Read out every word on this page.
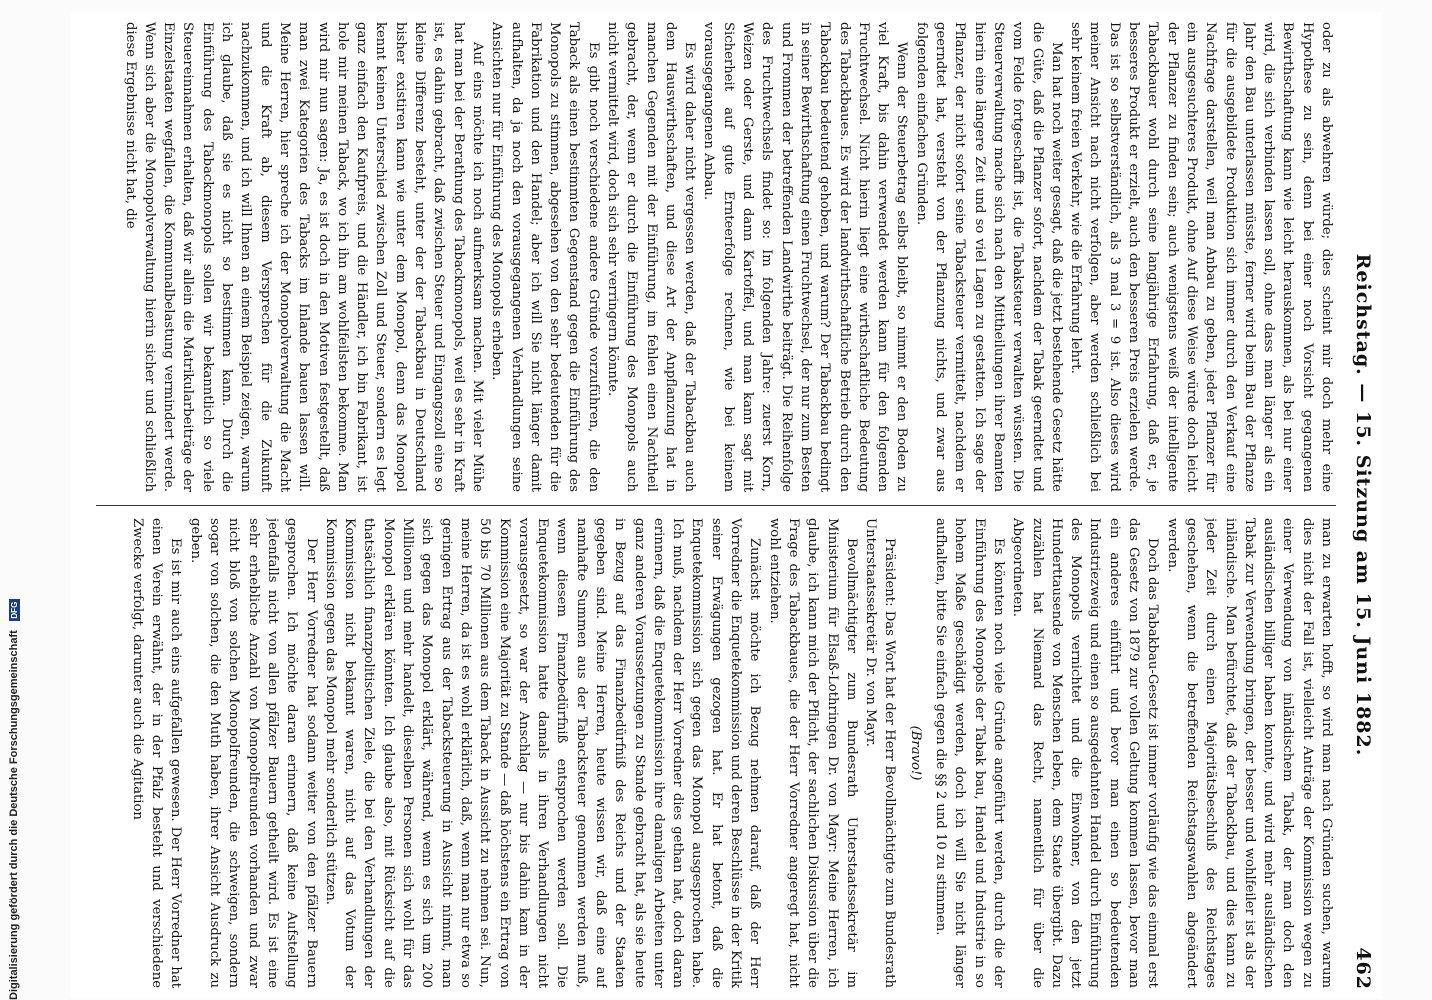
Reichstag. — 15. Sitzung am 15. Juni 1882.
462

oder zu als abwehren würde; dies scheint mir doch mehr eine Hypothese zu sein, denn bei einer noch Vorsicht gegangenen Bewirthschaftung kann wie leicht herauskommen, als bei nur einer wird, die sich verbinden lassen soll, ohne dass man länger als ein Jahr den Bau unterlassen müsste, ferner wird beim Bau der Pflanze für die ausgebildete Produktion sich immer durch den Verkauf eine Nachfrage darstellen, weil man Anbau zu geben, jeder Pflanzer für ein ausgesuchteres Produkt, ohne Auf diese Weise würde doch leicht der Pflanzer zu finden sein; auch wenigstens weiß der intelligente Tabackbauer wohl durch seine langjährige Erfahrung, daß er, je besseres Produkt er erzielt, auch den besseren Preis erzielen werde. Das ist so selbstverständlich, als 3 mal 3 = 9 ist. Also dieses wird meiner Ansicht nach nicht verfolgen, aber werden schließlich bei sehr keinem freien Verkehr, wie die Erfahrung lehrt.

Man hat noch weiter gesagt, daß die jetzt bestehende Gesetz hätte die Güte, daß die Pflanzer sofort, nachdem der Tabak geerndtet und vom Felde fortgeschafft ist, die Tabaksteuer verwalten wüssten. Die Steuerverwaltung mache sich nach den Mittheilungen ihrer Beamten hierin eine längere Zeit und so viel Lagen zu gestatten. Ich sage der Pflanzer, der nicht sofort seine Tabacksteuer vermittelt, nachdem er geerndtet hat, versteht von der Pflanzung nichts, und zwar aus folgenden einfachen Gründen.

Wenn der Steuerbetrag selbst bleibt, so nimmt er den Boden zu viel Kraft, bis dahin verwendet werden kann für den folgenden Fruchtwechsel. Nicht hierin liegt eine wirthschaftliche Bedeutung des Tabackbaues. Es wird der landwirthschaftliche Betrieb durch den Tabackbau bedeutend gehoben, und warum? Der Tabackbau bedingt in seiner Bewirthschaftung einen Fruchtwechsel, der nur zum Besten und Frommen der betreffenden Landwirthe beiträgt. Die Reihenfolge des Fruchtwechsels findet so: Im folgenden Jahre: zuerst Korn, Weizen oder Gerste, und dann Kartoffel, und man kann sagt mit Sicherheit auf gute Ernteerfolge rechnen, wie bei keinem vorausgegangenen Anbau.

Es wird daher nicht vergessen werden, daß der Tabackbau auch dem Hauswirthschaften, und diese Art der Anpflanzung hat in manchen Gegenden mit der Einführung, im fehlen einen Nachtheil gebracht, der, wenn er durch die Einführung des Monopols auch nicht vermittelt wird, doch sich sehr verringern könnte.

Es gibt noch verschiedene andere Gründe vorzuführen, die den Taback als einen bestimmten Gegenstand gegen die Einführung des Monopols zu stimmen, abgesehen von den sehr bedeutenden für die Fabrikation und den Handel; aber ich will Sie nicht länger damit aufhalten, da ja noch den vorausgegangenen Verhandlungen seine Ansichten nur für Einführung des Monopols erheben.

Auf eins möchte ich noch aufmerksam machen. Mit vieler Mühe hat man bei der Berathung des Tabackmonopols, weil es sehr in Kraft ist, es dahin gebracht, daß zwischen Steuer und Eingangszoll eine so kleine Differenz besteht, unter der der Tabackbau in Deutschland bisher existiren kann wie unter dem Monopol, denn das Monopol kennt keinen Unterschied zwischen Zoll und Steuer, sondern es legt ganz einfach den Kaufpreis, und die Händler, ich bin Fabrikant, ist hole mir meinen Taback, wo ich ihn am wohlfeilsten bekomme. Man wird mir nun sagen: Ja, es ist doch in den Motiven festgestellt, daß man zwei Kategorien des Tabacks im Inlande bauen lassen will. Meine Herren, hier spreche ich der Monopolverwaltung die Macht und die Kraft ab, diesem Versprechen für die Zukunft nachzukommen, und ich will Ihnen an einem Beispiel zeigen, warum ich glaube, daß sie es nicht so bestimmen kann. Durch die Einführung des Tabackmonopols sollen wir bekanntlich so viele Steuereinnahmen erhalten, daß wir allein die Matrikularbeiträge der Einzelstaaten wegfallen, die Kommunalbelastung vermindert werde. Wenn sich aber die Monopolverwaltung hierin sicher und schließlich diese Ergebnisse nicht hat, die

man zu erwarten hofft, so wird man nach Gründen suchen, warum dies nicht der Fall ist, vielleicht Anträge der Kommission wegen zu einer Verwendung von inländischem Tabak, der man doch den ausländischen billiger haben konnte, und wird mehr ausländischen Tabak zur Verwendung bringen, der besser und wohlfeiler ist als der inländische. Man befürchtet, daß der Tabackbau, und dies kann zu jeder Zeit durch einen Majoritätsbeschluß des Reichstages geschehen, wenn die betreffenden Reichstagswahlen abgeändert werden.

Doch das Tabakbau-Gesetz ist immer vorläufig wie das einmal erst das Gesetz von 1879 zur vollen Geltung kommen lassen, bevor man ein anderes einführt und bevor man einen so bedeutenden Industriezweig und einen so ausgedehnten Handel durch Einführung des Monopols vernichtet und die Einwohner, von den jetzt Hunderttausende von Menschen leben, dem Staate übergibt. Dazu zuzählen hat Niemand das Recht, namentlich für über die Abgeordneten.

Es könnten noch viele Gründe angeführt werden, durch die der Einführung des Monopols der Tabak bau, Handel und Industrie in so hohem Maße geschädigt werden, doch ich will Sie nicht länger aufhalten, bitte Sie einfach gegen die §§ 2 und 10 zu stimmen.

(Bravo!)

Präsident: Das Wort hat der Herr Bevollmächtigte zum Bundesrath Unterstaatssekretär Dr. von Mayr.

Bevollmächtigter zum Bundesrath Unterstaatssekretär im Ministerium für Elsaß-Lothringen Dr. von Mayr: Meine Herren, ich glaube, ich kann mich der Pflicht, der sachlichen Diskussion über die Frage des Tabackbaues, die der Herr Vorredner angeregt hat, nicht wohl entziehen.

Zunächst möchte ich Bezug nehmen darauf, daß der Herr Vorredner die Enquetekommission und deren Beschlüsse in der Kritik seiner Erwägungen gezogen hat. Er hat betont, daß die Enquetekommission sich gegen das Monopol ausgesprochen habe. Ich muß, nachdem der Herr Vorredner dies gethan hat, doch daran erinnern, daß die Enquetekommission ihre damaligen Arbeiten unter ganz anderen Voraussetzungen zu Stande gebracht hat, als sie heute in Bezug auf das Finanzbedürfniß des Reichs und der Staaten gegeben sind. Meine Herren, heute wissen wir, daß eine auf namhafte Summen aus der Tabacksteuer genommen werden muß, wenn diesem Finanzbedürfniß entsprochen werden soll. Die Enquetekommission hatte damals in ihren Verhandlungen nicht vorausgesetzt, so war der Anschlag — nur bis dahin kam in der Kommission eine Majorität zu Stande — daß höchstens ein Ertrag von 50 bis 70 Millionen aus dem Taback in Aussicht zu nehmen sei. Nun, meine Herren, da ist es wohl erklärlich, daß, wenn man nur etwa so geringen Ertrag aus der Tabacksteuerung in Aussicht nimmt, man sich gegen das Monopol erklärt, während, wenn es sich um 200 Millionen und mehr handelt, dieselben Personen sich wohl für das Monopol erklären könnten. Ich glaube also, mit Rücksicht auf die thatsächlich finanzpolitischen Ziele, die bei den Verhandlungen der Kommission nicht bekannt waren, nicht auf das Votum der Kommission gegen das Monopol mehr sonderlich stützen.

Der Herr Vorredner hat sodann weiter von den pfälzer Bauern gesprochen. Ich möchte daran erinnern, daß keine Aufstellung jedenfalls nicht von allen pfälzer Bauern getheilt wird. Es ist eine sehr erhebliche Anzahl von Monopolfreunden vorhanden und zwar nicht bloß von solchen Monopolfreunden, die schweigen, sondern sogar von solchen, die den Muth haben, ihrer Ansicht Ausdruck zu geben.

Es ist mir auch eins aufgefallen gewesen. Der Herr Vorredner hat einen Verein erwähnt, der in der Pfalz besteht und verschiedene Zwecke verfolgt, darunter auch die Agitation

Digitalisierung gefördert durch die Deutsche Forschungsgemeinschaft DFG
